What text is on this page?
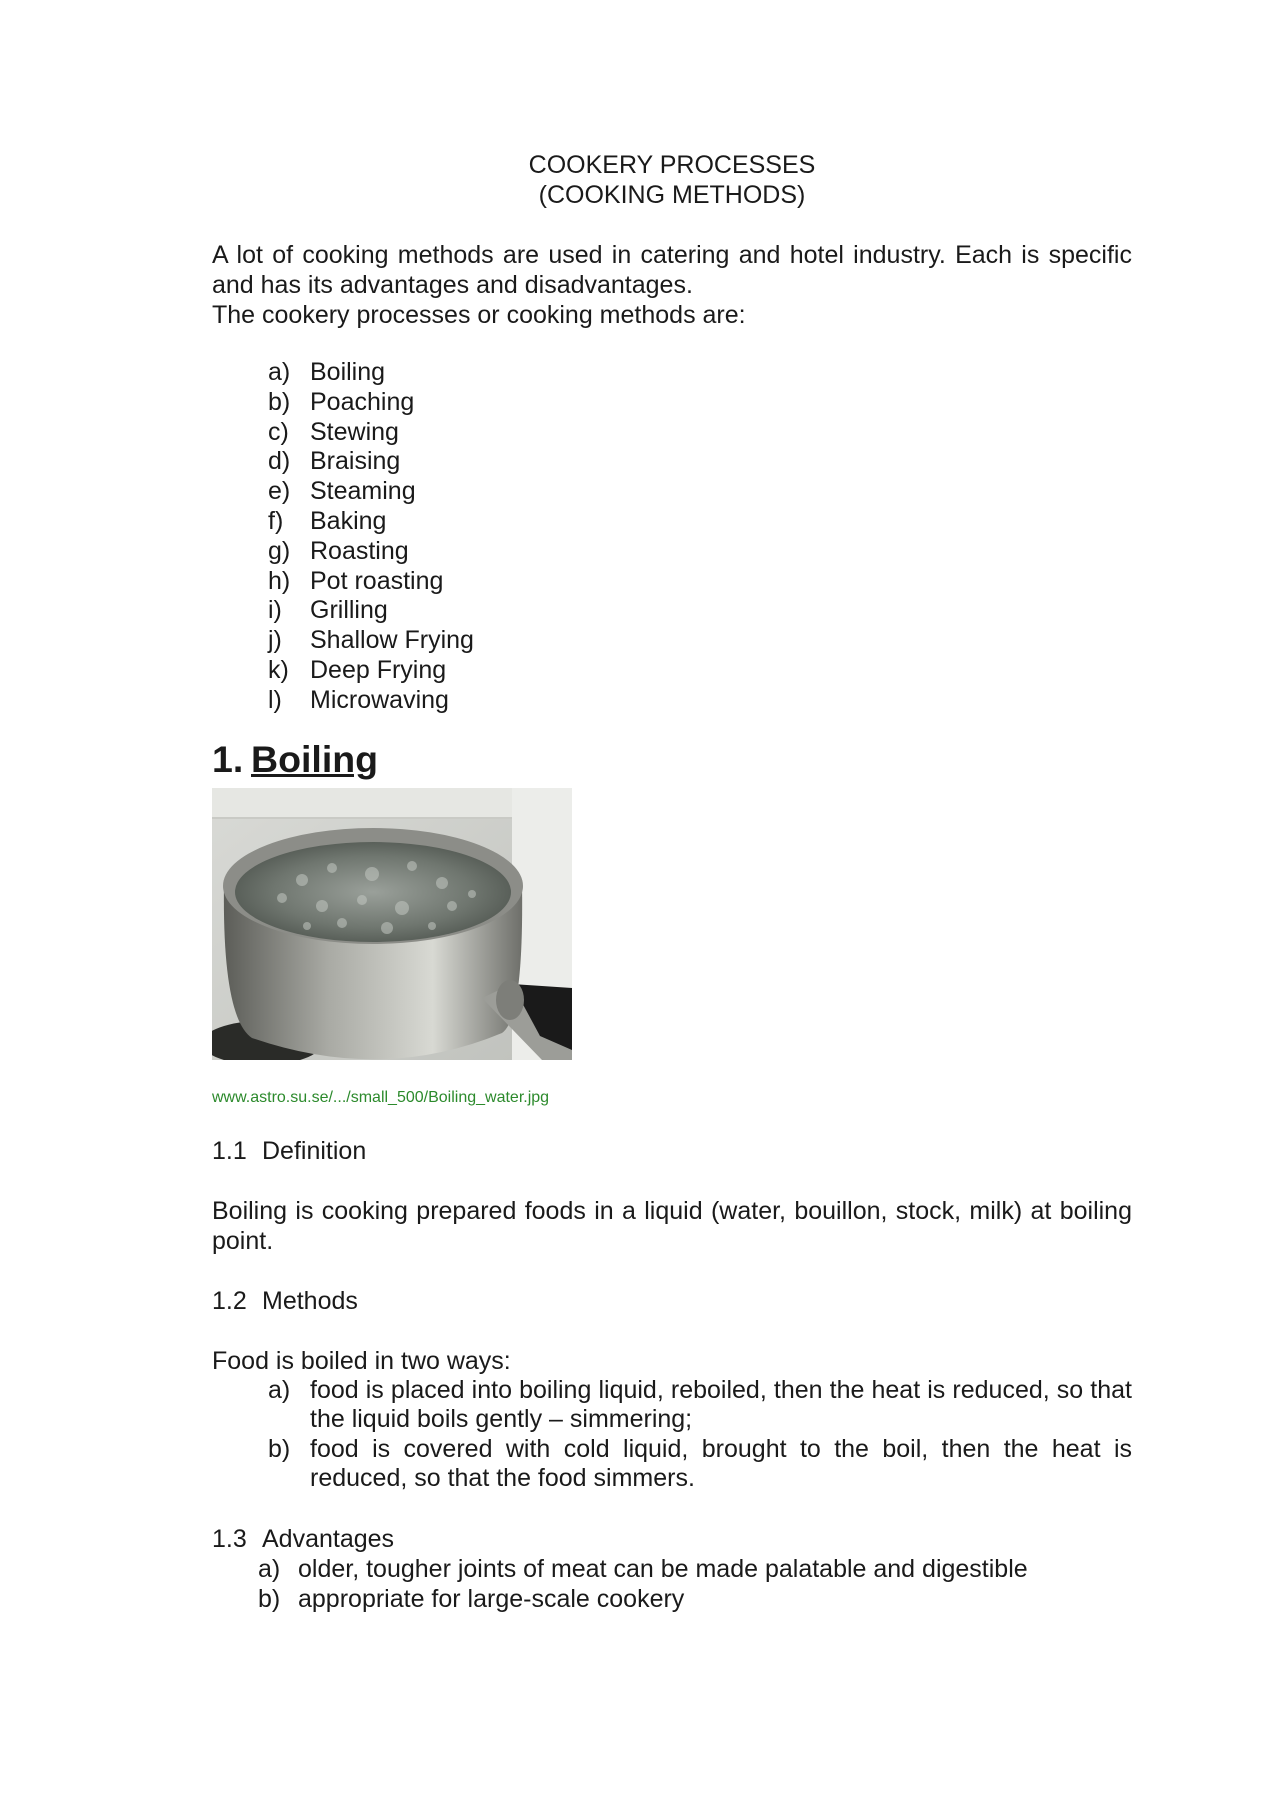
COOKERY PROCESSES
(COOKING METHODS)

A lot of cooking methods are used in catering and hotel industry. Each is specific and has its advantages and disadvantages.

The cookery processes or cooking methods are:

a) Boiling
b) Poaching
c) Stewing
d) Braising
e) Steaming
f)	Baking
g) Roasting
h) Pot roasting
i)	Grilling
j)	Shallow Frying
k) Deep Frying
l)	Microwaving
1. Boiling
www.astro.su.se/.../small_500/Boiling_water.jpg

1.1 Definition

Boiling is cooking prepared foods in a liquid (water, bouillon, stock, milk) at boiling point.

1.2 Methods

Food is boiled in two ways:

a) food is placed into boiling liquid, reboiled, then the heat is reduced, so that the liquid boils gently – simmering;
b) food is covered with cold liquid, brought to the boil, then the heat is reduced, so that the food simmers.

1.3 Advantages

a) older, tougher joints of meat can be made palatable and digestible
b) appropriate for large-scale cookery
